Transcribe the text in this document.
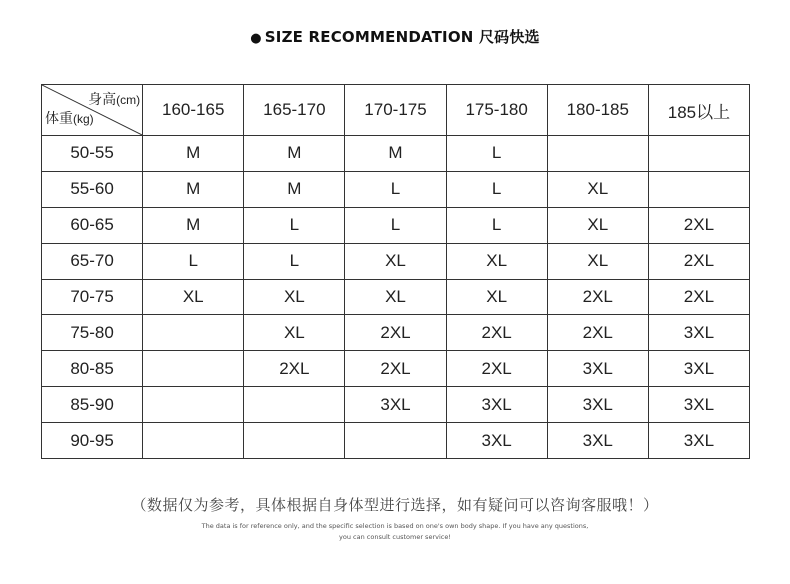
● SIZE RECOMMENDATION 尺码快选
身高(cm)
体重(kg)	160-165	165-170	170-175	175-180	180-185	185以上
50-55	M	M	M	L		
55-60	M	M	L	L	XL	
60-65	M	L	L	L	XL	2XL
65-70	L	L	XL	XL	XL	2XL
70-75	XL	XL	XL	XL	2XL	2XL
75-80		XL	2XL	2XL	2XL	3XL
80-85		2XL	2XL	2XL	3XL	3XL
85-90			3XL	3XL	3XL	3XL
90-95				3XL	3XL	3XL
（数据仅为参考，具体根据自身体型进行选择，如有疑问可以咨询客服哦！）
The data is for reference only, and the specific selection is based on one's own body shape. If you have any questions,
you can consult customer service!
